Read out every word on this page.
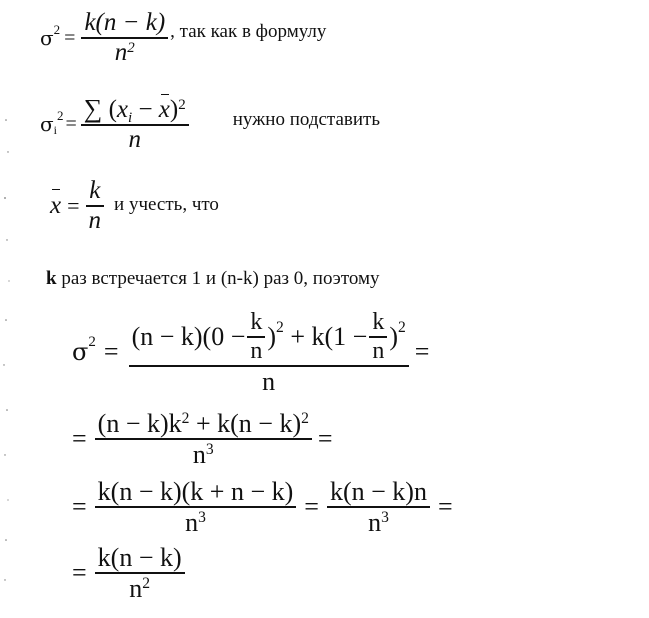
σ $2 = \frac{k(n - k)}{n^2}$ , так как в формулу
σ i
$2 = \frac{\sum (x_i - x)^2}{n}$ нужно подставить
$x = \frac{k}{n}$ и учесть, что
k раз встречается 1 и (n-k) раз 0, поэтому
σ 2 =
$(n - k)(0 - \frac{k}{n}$ ) $2 + k(1 - \frac{k}{n}$ ) 2
n
=
= $\frac{(n - k)k^2 + k(n - k)^2}{n^3}$ =
= $\frac{k(n - k)(k + n - k)}{n^3} = \frac{k(n - k)n}{n^3}$ =
= $\frac{k(n - k)}{n^2}$
